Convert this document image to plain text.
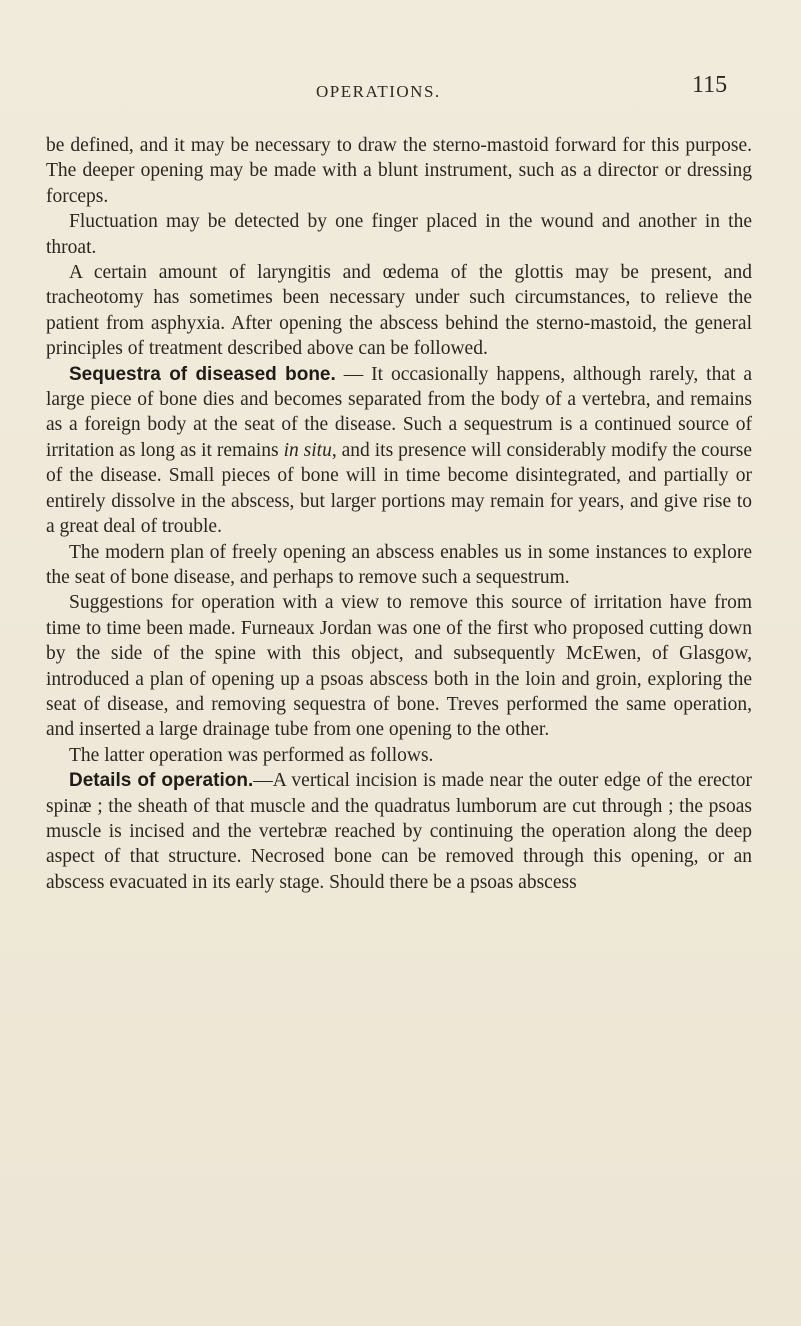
OPERATIONS.	115

be defined, and it may be necessary to draw the sterno-mastoid forward for this purpose. The deeper opening may be made with a blunt instrument, such as a director or dressing forceps.

Fluctuation may be detected by one finger placed in the wound and another in the throat.

A certain amount of laryngitis and œdema of the glottis may be present, and tracheotomy has sometimes been necessary under such circumstances, to relieve the patient from asphyxia. After opening the abscess behind the sterno-mastoid, the general principles of treatment described above can be followed.

Sequestra of diseased bone. — It occasionally happens, although rarely, that a large piece of bone dies and becomes separated from the body of a vertebra, and remains as a foreign body at the seat of the disease. Such a sequestrum is a continued source of irritation as long as it remains in situ, and its presence will considerably modify the course of the disease. Small pieces of bone will in time become disintegrated, and partially or entirely dissolve in the abscess, but larger portions may remain for years, and give rise to a great deal of trouble.

The modern plan of freely opening an abscess enables us in some instances to explore the seat of bone disease, and perhaps to remove such a sequestrum.

Suggestions for operation with a view to remove this source of irritation have from time to time been made. Furneaux Jordan was one of the first who proposed cutting down by the side of the spine with this object, and subsequently McEwen, of Glasgow, introduced a plan of opening up a psoas abscess both in the loin and groin, exploring the seat of disease, and removing sequestra of bone. Treves performed the same operation, and inserted a large drainage tube from one opening to the other.

The latter operation was performed as follows.

Details of operation.—A vertical incision is made near the outer edge of the erector spinæ ; the sheath of that muscle and the quadratus lumborum are cut through ; the psoas muscle is incised and the vertebræ reached by continuing the operation along the deep aspect of that structure. Necrosed bone can be removed through this opening, or an abscess evacuated in its early stage. Should there be a psoas abscess
